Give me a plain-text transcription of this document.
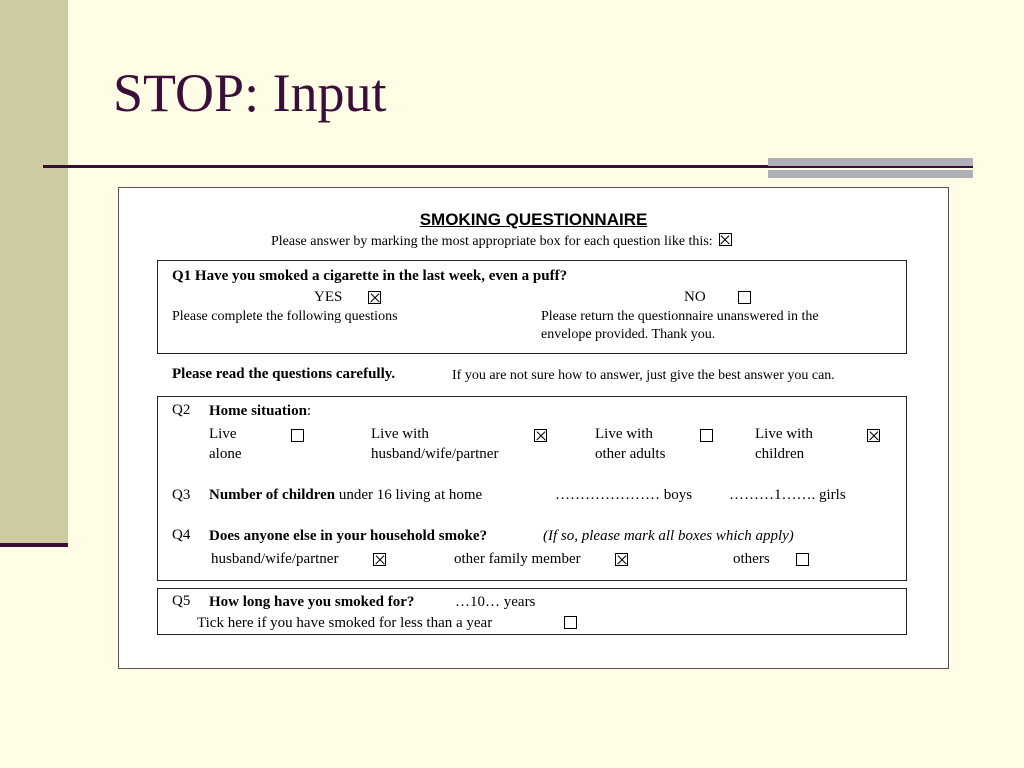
STOP: Input
SMOKING QUESTIONNAIRE
Please answer by marking the most appropriate box for each question like this:
Q1 Have you smoked a cigarette in the last week, even a puff?
YES	NO
Please complete the following questions	Please return the questionnaire unanswered in the
envelope provided. Thank you.
Please read the questions carefully.	If you are not sure how to answer, just give the best answer you can.
Q2 Home situation:
Live
alone
Live with
husband/wife/partner
Live with
other adults
Live with
children
Q3 Number of children under 16 living at home	………………… boys ………1……. girls
Q4 Does anyone else in your household smoke?	(If so, please mark all boxes which apply)
husband/wife/partner	other family member	others
Q5 How long have you smoked for?	…10… years
Tick here if you have smoked for less than a year
